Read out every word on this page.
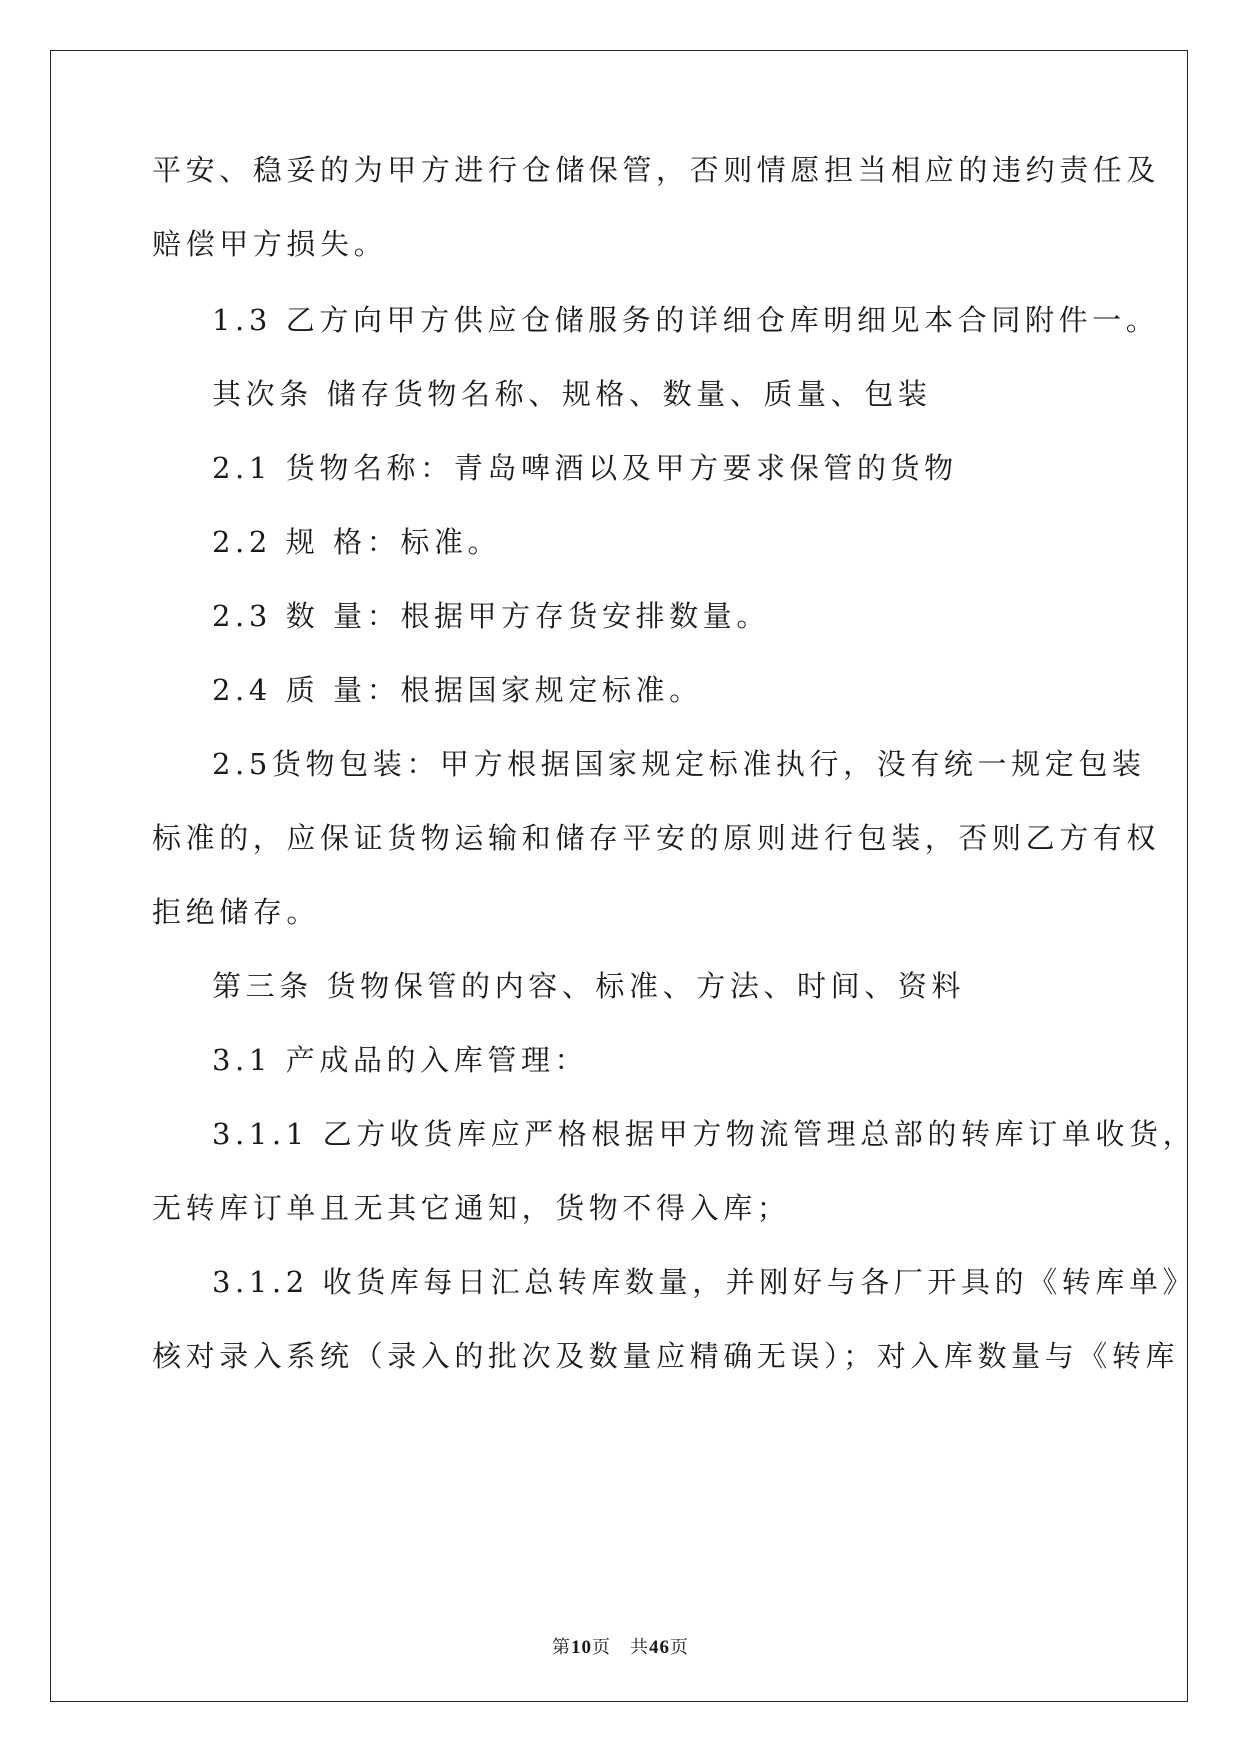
平安、稳妥的为甲方进行仓储保管，否则情愿担当相应的违约责任及
赔偿甲方损失。
1.3 乙方向甲方供应仓储服务的详细仓库明细见本合同附件一。
其次条 储存货物名称、规格、数量、质量、包装
2.1 货物名称：青岛啤酒以及甲方要求保管的货物
2.2 规 格：标准。
2.3 数 量：根据甲方存货安排数量。
2.4 质 量：根据国家规定标准。
2.5货物包装：甲方根据国家规定标准执行，没有统一规定包装
标准的，应保证货物运输和储存平安的原则进行包装，否则乙方有权
拒绝储存。
第三条 货物保管的内容、标准、方法、时间、资料
3.1 产成品的入库管理：
3.1.1 乙方收货库应严格根据甲方物流管理总部的转库订单收货，
无转库订单且无其它通知，货物不得入库；
3.1.2 收货库每日汇总转库数量，并刚好与各厂开具的《转库单》
核对录入系统（录入的批次及数量应精确无误）；对入库数量与《转库
第10页　共46页
